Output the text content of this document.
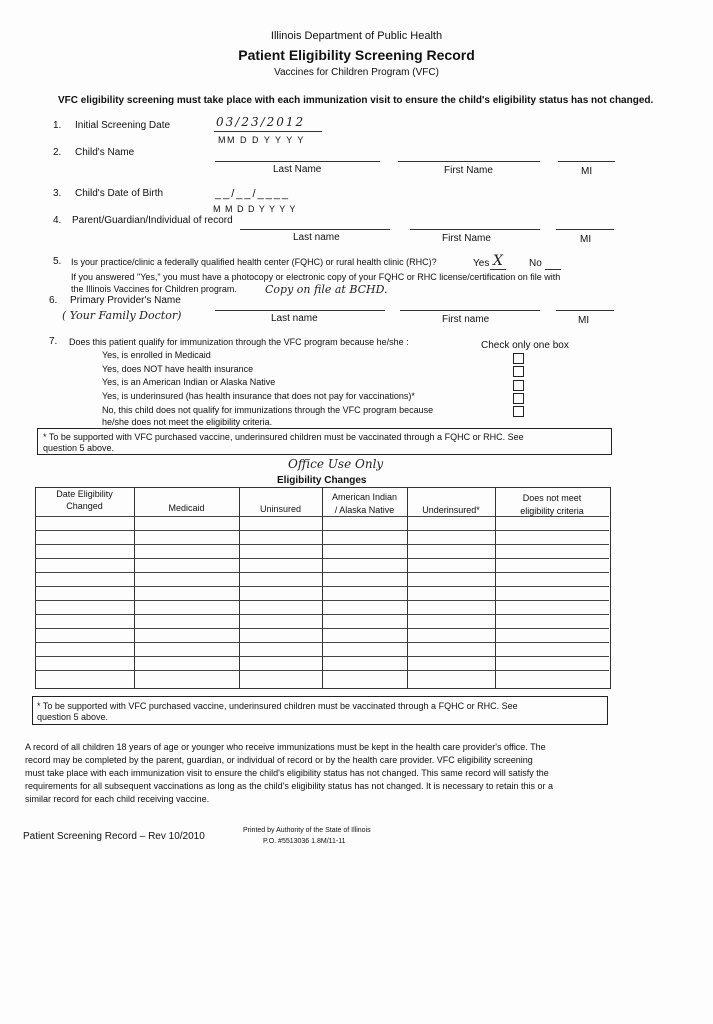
Illinois Department of Public Health
Patient Eligibility Screening Record
Vaccines for Children Program (VFC)
VFC eligibility screening must take place with each immunization visit to ensure the child's eligibility status has not changed.
1. Initial Screening Date	03/23/2012
MM D D Y Y Y Y
2. Child's Name
Last Name	First Name	MI
3. Child's Date of Birth	__/__/____
M M D D Y Y Y Y
4. Parent/Guardian/Individual of record
Last name	First Name	MI
5. Is your practice/clinic a federally qualified health center (FQHC) or rural health clinic (RHC)?	Yes X	No
If you answered "Yes," you must have a photocopy or electronic copy of your FQHC or RHC license/certification on file with
the Illinois Vaccines for Children program.	Copy on file at BCHD.
6. Primary Provider's Name
( Your Family Doctor)	Last name	First name	MI
7. Does this patient qualify for immunization through the VFC program because he/she :	Check only one box
Yes, is enrolled in Medicaid
Yes, does NOT have health insurance
Yes, is an American Indian or Alaska Native
Yes, is underinsured (has health insurance that does not pay for vaccinations)*
No, this child does not qualify for immunizations through the VFC program because
he/she does not meet the eligibility criteria.
* To be supported with VFC purchased vaccine, underinsured children must be vaccinated through a FQHC or RHC. See
question 5 above.
Office Use Only
Eligibility Changes
Date Eligibility
Changed	Medicaid	Uninsured
American Indian
/ Alaska Native	Underinsured*
Does not meet
eligibility criteria
* To be supported with VFC purchased vaccine, underinsured children must be vaccinated through a FQHC or RHC. See
question 5 above.
A record of all children 18 years of age or younger who receive immunizations must be kept in the health care provider's office. The
record may be completed by the parent, guardian, or individual of record or by the health care provider. VFC eligibility screening
must take place with each immunization visit to ensure the child's eligibility status has not changed. This same record will satisfy the
requirements for all subsequent vaccinations as long as the child's eligibility status has not changed. It is necessary to retain this or a
similar record for each child receiving vaccine.
Patient Screening Record – Rev 10/2010
Printed by Authority of the State of Illinois
P.O. #5513036 1.8M/11-11
